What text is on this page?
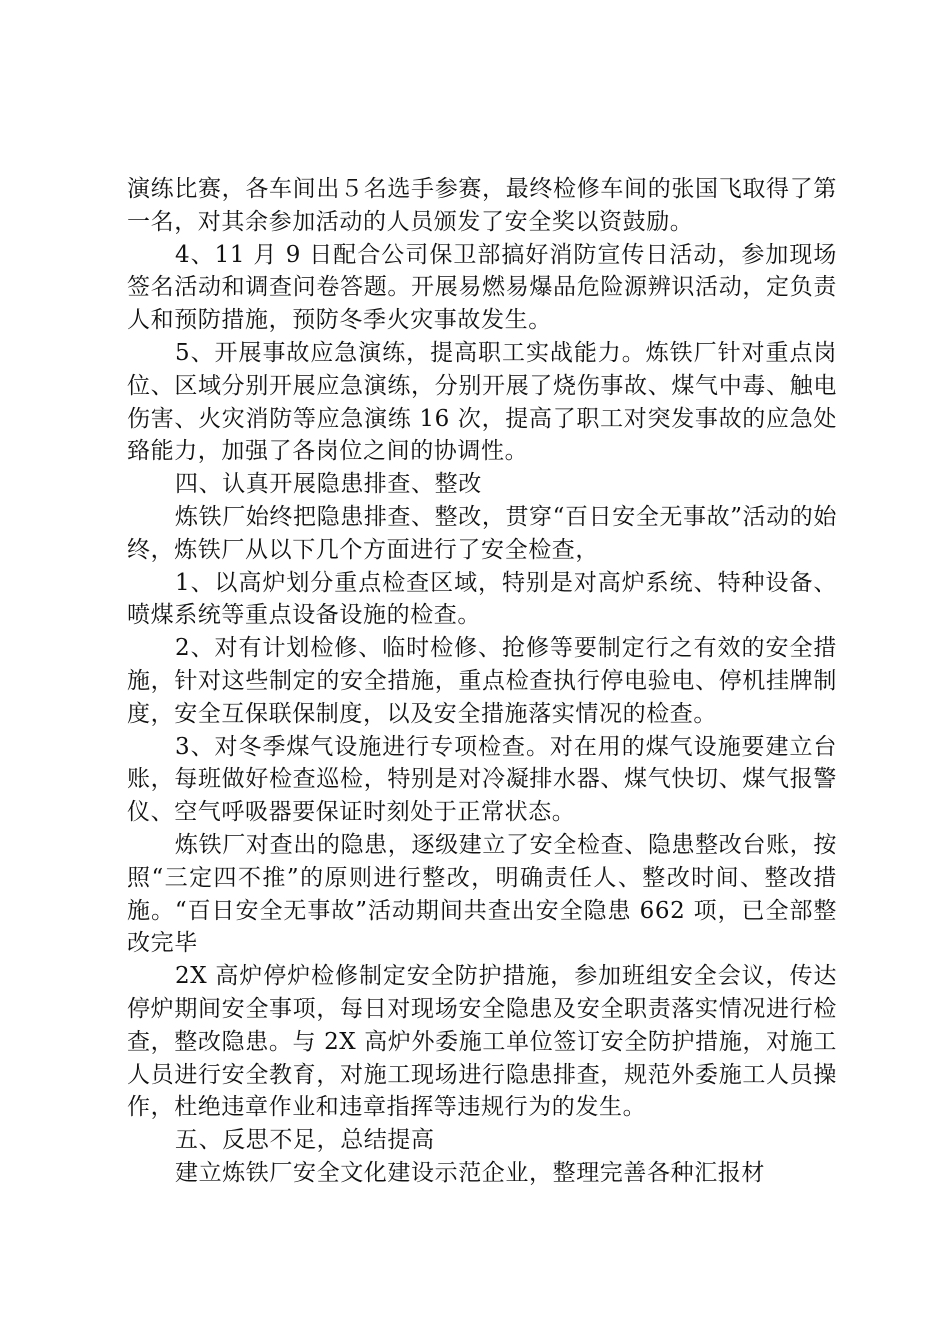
演练比赛，各车间出５名选手参赛，最终检修车间的张国飞取得了第一名，对其余参加活动的人员颁发了安全奖以资鼓励。

4、11 月 9 日配合公司保卫部搞好消防宣传日活动，参加现场签名活动和调查问卷答题。开展易燃易爆品危险源辨识活动，定负责人和预防措施，预防冬季火灾事故发生。

5、开展事故应急演练，提高职工实战能力。炼铁厂针对重点岗位、区域分别开展应急演练，分别开展了烧伤事故、煤气中毒、触电伤害、火灾消防等应急演练 16 次，提高了职工对突发事故的应急处臵能力，加强了各岗位之间的协调性。

四、认真开展隐患排查、整改

炼铁厂始终把隐患排查、整改，贯穿“百日安全无事故”活动的始终，炼铁厂从以下几个方面进行了安全检查，

1、以高炉划分重点检查区域，特别是对高炉系统、特种设备、喷煤系统等重点设备设施的检查。

2、对有计划检修、临时检修、抢修等要制定行之有效的安全措施，针对这些制定的安全措施，重点检查执行停电验电、停机挂牌制度，安全互保联保制度，以及安全措施落实情况的检查。

3、对冬季煤气设施进行专项检查。对在用的煤气设施要建立台账，每班做好检查巡检，特别是对冷凝排水器、煤气快切、煤气报警仪、空气呼吸器要保证时刻处于正常状态。

炼铁厂对查出的隐患，逐级建立了安全检查、隐患整改台账，按照“三定四不推”的原则进行整改，明确责任人、整改时间、整改措施。“百日安全无事故”活动期间共查出安全隐患 662 项，已全部整改完毕

2X 高炉停炉检修制定安全防护措施，参加班组安全会议，传达停炉期间安全事项，每日对现场安全隐患及安全职责落实情况进行检查，整改隐患。与 2X 高炉外委施工单位签订安全防护措施，对施工人员进行安全教育，对施工现场进行隐患排查，规范外委施工人员操作，杜绝违章作业和违章指挥等违规行为的发生。

五、反思不足，总结提高

建立炼铁厂安全文化建设示范企业，整理完善各种汇报材
